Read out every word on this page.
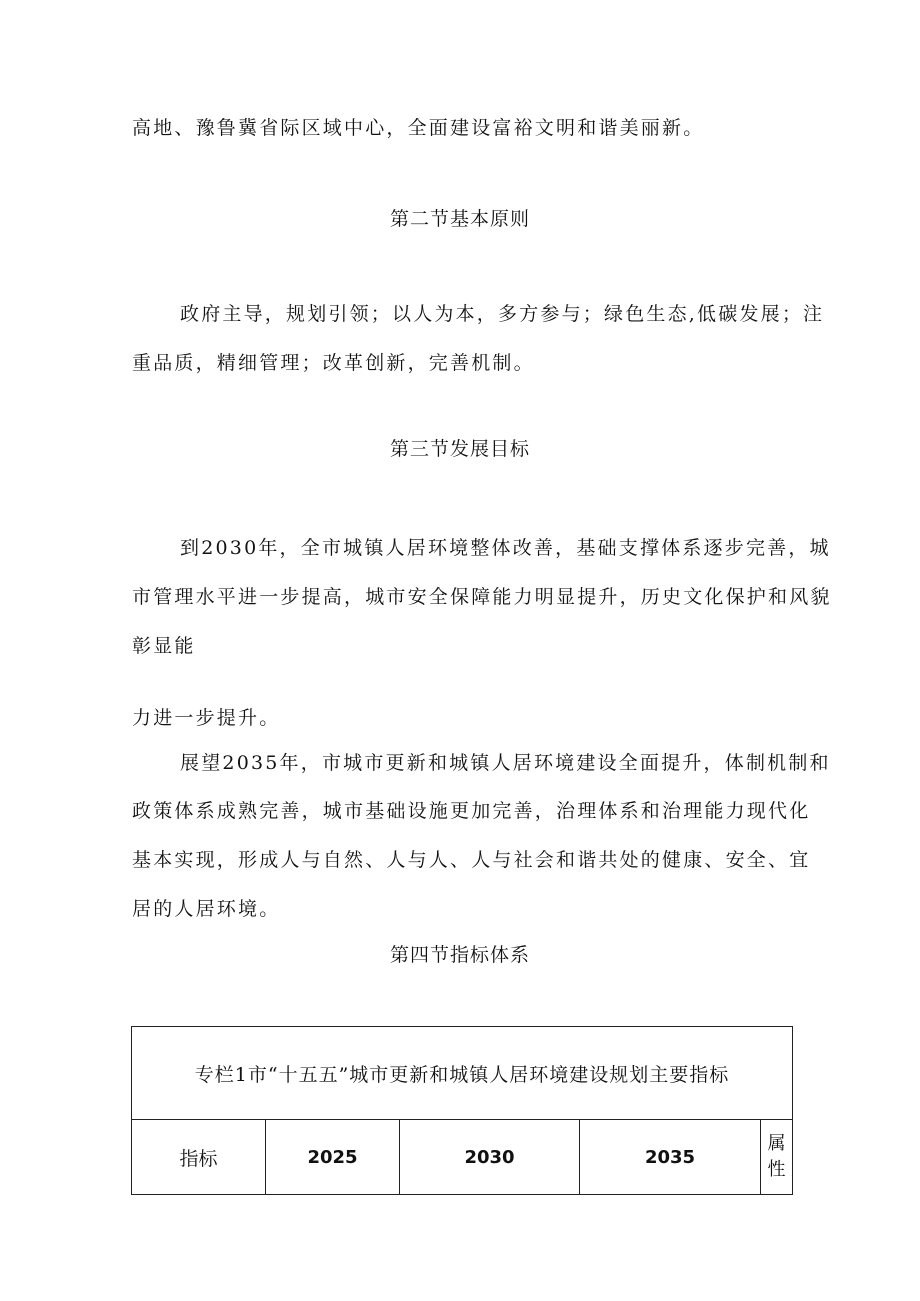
高地、豫鲁冀省际区域中心，全面建设富裕文明和谐美丽新。
第二节基本原则
政府主导，规划引领；以人为本，多方参与；绿色生态,低碳发展；注
重品质，精细管理；改革创新，完善机制。
第三节发展目标
到2030年，全市城镇人居环境整体改善，基础支撑体系逐步完善，城
市管理水平进一步提高，城市安全保障能力明显提升，历史文化保护和风貌
彰显能
力进一步提升。
展望2035年，市城市更新和城镇人居环境建设全面提升，体制机制和
政策体系成熟完善，城市基础设施更加完善，治理体系和治理能力现代化
基本实现，形成人与自然、人与人、人与社会和谐共处的健康、安全、宜
居的人居环境。
第四节指标体系
专栏1市“十五五”城市更新和城镇人居环境建设规划主要指标
指标	2025	2030	2035	属
性
